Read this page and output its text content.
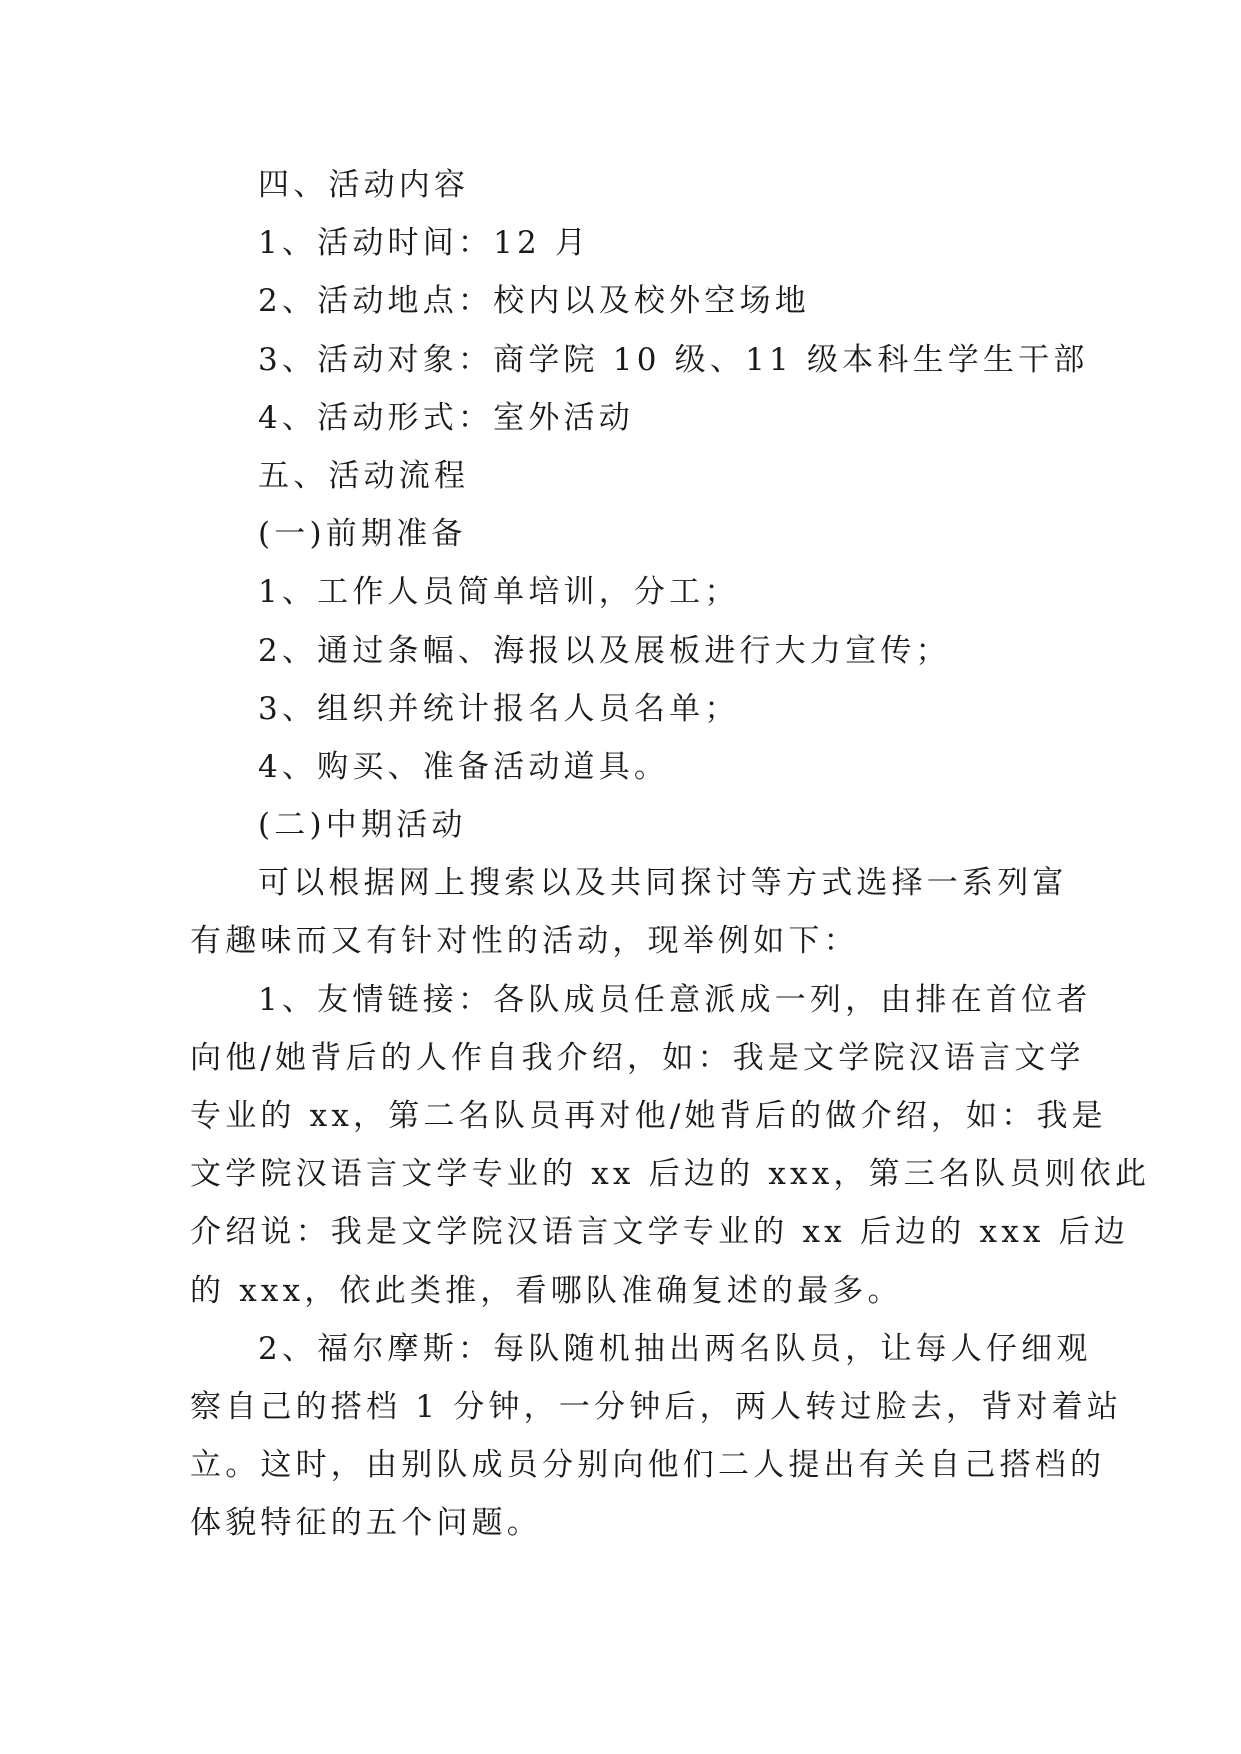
四、活动内容
1、活动时间：12 月
2、活动地点：校内以及校外空场地
3、活动对象：商学院 10 级、11 级本科生学生干部
4、活动形式：室外活动
五、活动流程
(一)前期准备
1、工作人员简单培训，分工；
2、通过条幅、海报以及展板进行大力宣传；
3、组织并统计报名人员名单；
4、购买、准备活动道具。
(二)中期活动
可以根据网上搜索以及共同探讨等方式选择一系列富
有趣味而又有针对性的活动，现举例如下：
1、友情链接：各队成员任意派成一列，由排在首位者
向他/她背后的人作自我介绍，如：我是文学院汉语言文学
专业的 xx，第二名队员再对他/她背后的做介绍，如：我是
文学院汉语言文学专业的 xx 后边的 xxx，第三名队员则依此
介绍说：我是文学院汉语言文学专业的 xx 后边的 xxx 后边
的 xxx，依此类推，看哪队准确复述的最多。
2、福尔摩斯：每队随机抽出两名队员，让每人仔细观
察自己的搭档 1 分钟，一分钟后，两人转过脸去，背对着站
立。这时，由别队成员分别向他们二人提出有关自己搭档的
体貌特征的五个问题。
